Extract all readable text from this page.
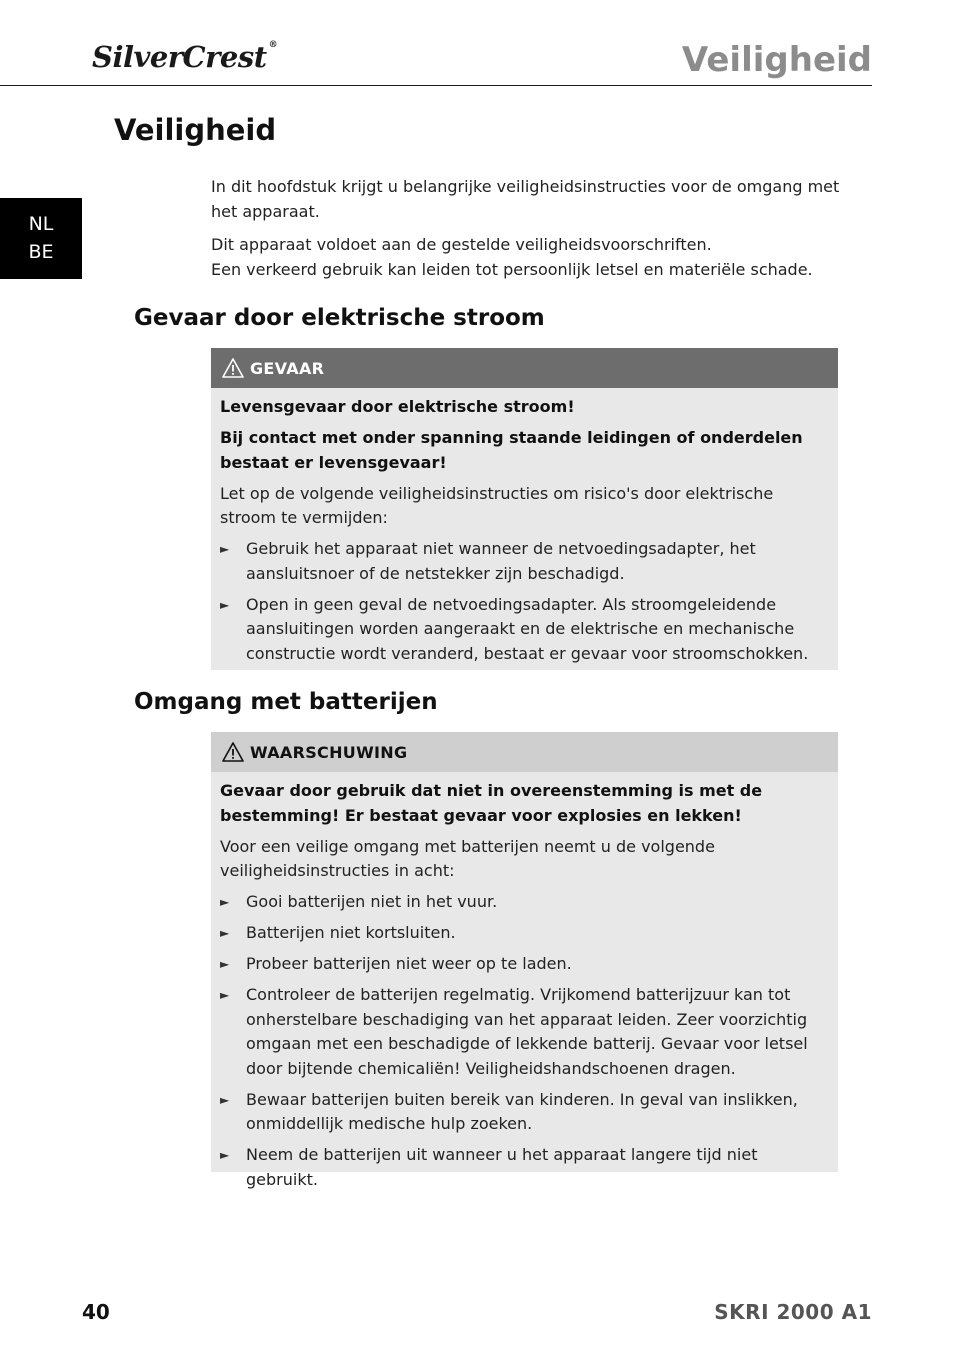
SilverCrest ®	Veiligheid
NL
BE
Veiligheid

In dit hoofdstuk krijgt u belangrijke veiligheidsinstructies voor de omgang met het apparaat.

Dit apparaat voldoet aan de gestelde veiligheidsvoorschriften.

Een verkeerd gebruik kan leiden tot persoonlijk letsel en materiële schade.

Gevaar door elektrische stroom
GEVAAR

Levensgevaar door elektrische stroom!

Bij contact met onder spanning staande leidingen of onderdelen bestaat er levensgevaar!

Let op de volgende veiligheidsinstructies om risico's door elektrische stroom te vermijden:

► Gebruik het apparaat niet wanneer de netvoedingsadapter, het aansluitsnoer of de netstekker zijn beschadigd.
► Open in geen geval de netvoedingsadapter. Als stroomgeleidende aansluitingen worden aangeraakt en de elektrische en mechanische constructie wordt veranderd, bestaat er gevaar voor stroomschokken.
Omgang met batterijen
WAARSCHUWING

Gevaar door gebruik dat niet in overeenstemming is met de bestemming! Er bestaat gevaar voor explosies en lekken!

Voor een veilige omgang met batterijen neemt u de volgende veiligheidsinstructies in acht:

► Gooi batterijen niet in het vuur.
► Batterijen niet kortsluiten.
► Probeer batterijen niet weer op te laden.
► Controleer de batterijen regelmatig. Vrijkomend batterijzuur kan tot onherstelbare beschadiging van het apparaat leiden. Zeer voorzichtig omgaan met een beschadigde of lekkende batterij. Gevaar voor letsel door bijtende chemicaliën! Veiligheidshandschoenen dragen.
► Bewaar batterijen buiten bereik van kinderen. In geval van inslikken, onmiddellijk medische hulp zoeken.
► Neem de batterijen uit wanneer u het apparaat langere tijd niet gebruikt.
40	SKRI 2000 A1
